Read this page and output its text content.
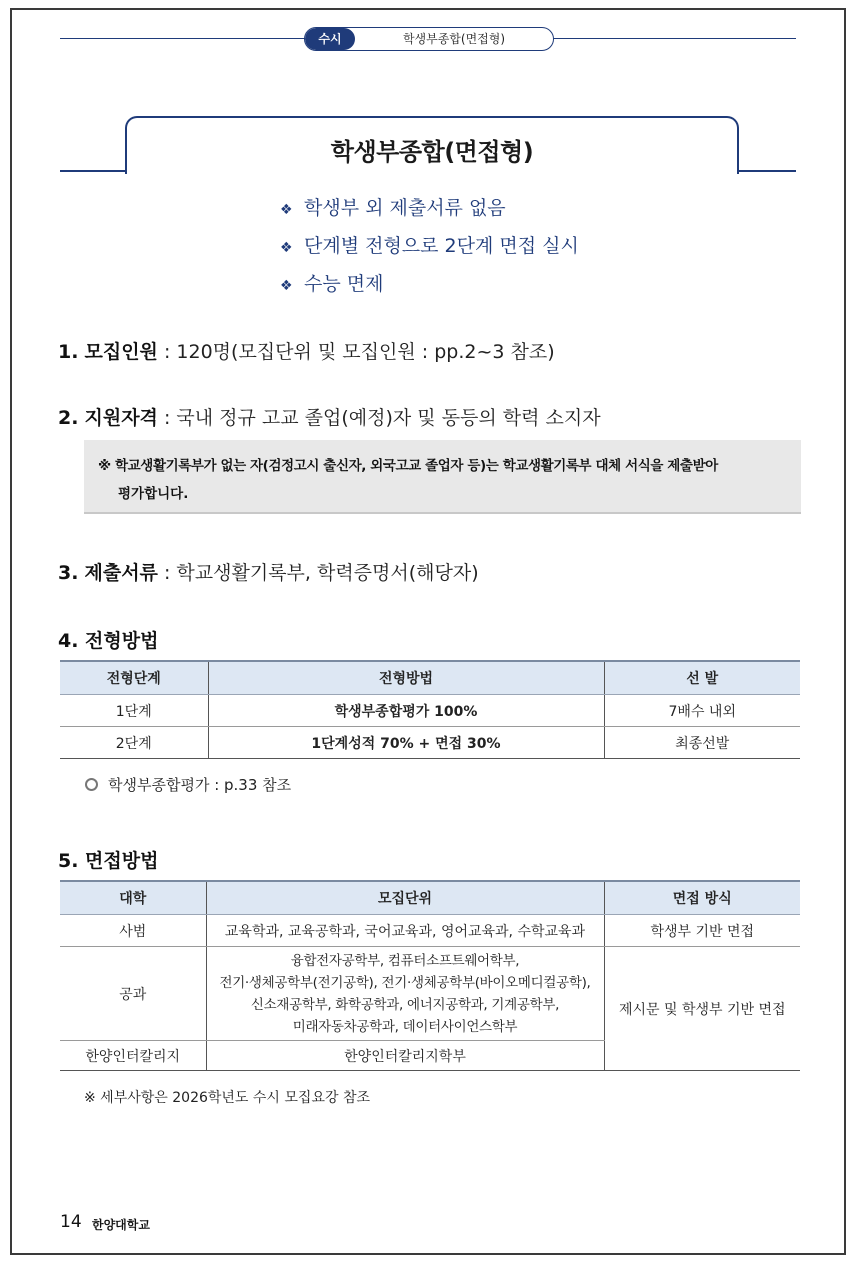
수시	학생부종합(면접형)
학생부종합(면접형)
❖ 학생부 외 제출서류 없음
❖ 단계별 전형으로 2단계 면접 실시
❖ 수능 면제
1. 모집인원 : 120명(모집단위 및 모집인원 : pp.2~3 참조)
2. 지원자격 : 국내 정규 고교 졸업(예정)자 및 동등의 학력 소지자
※ 학교생활기록부가 없는 자(검정고시 출신자, 외국고교 졸업자 등)는 학교생활기록부 대체 서식을 제출받아
평가합니다.
3. 제출서류 : 학교생활기록부, 학력증명서(해당자)
4. 전형방법
전형단계	전형방법	선 발
1단계	학생부종합평가 100%	7배수 내외
2단계	1단계성적 70% + 면접 30%	최종선발
학생부종합평가 : p.33 참조
5. 면접방법
대학	모집단위	면접 방식
사범	교육학과, 교육공학과, 국어교육과, 영어교육과, 수학교육과	학생부 기반 면접
공과	융합전자공학부, 컴퓨터소프트웨어학부,
전기·생체공학부(전기공학), 전기·생체공학부(바이오메디컬공학),
신소재공학부, 화학공학과, 에너지공학과, 기계공학부,
미래자동차공학과, 데이터사이언스학부	제시문 및 학생부 기반 면접
한양인터칼리지	한양인터칼리지학부	
※ 세부사항은 2026학년도 수시 모집요강 참조
14 한양대학교
